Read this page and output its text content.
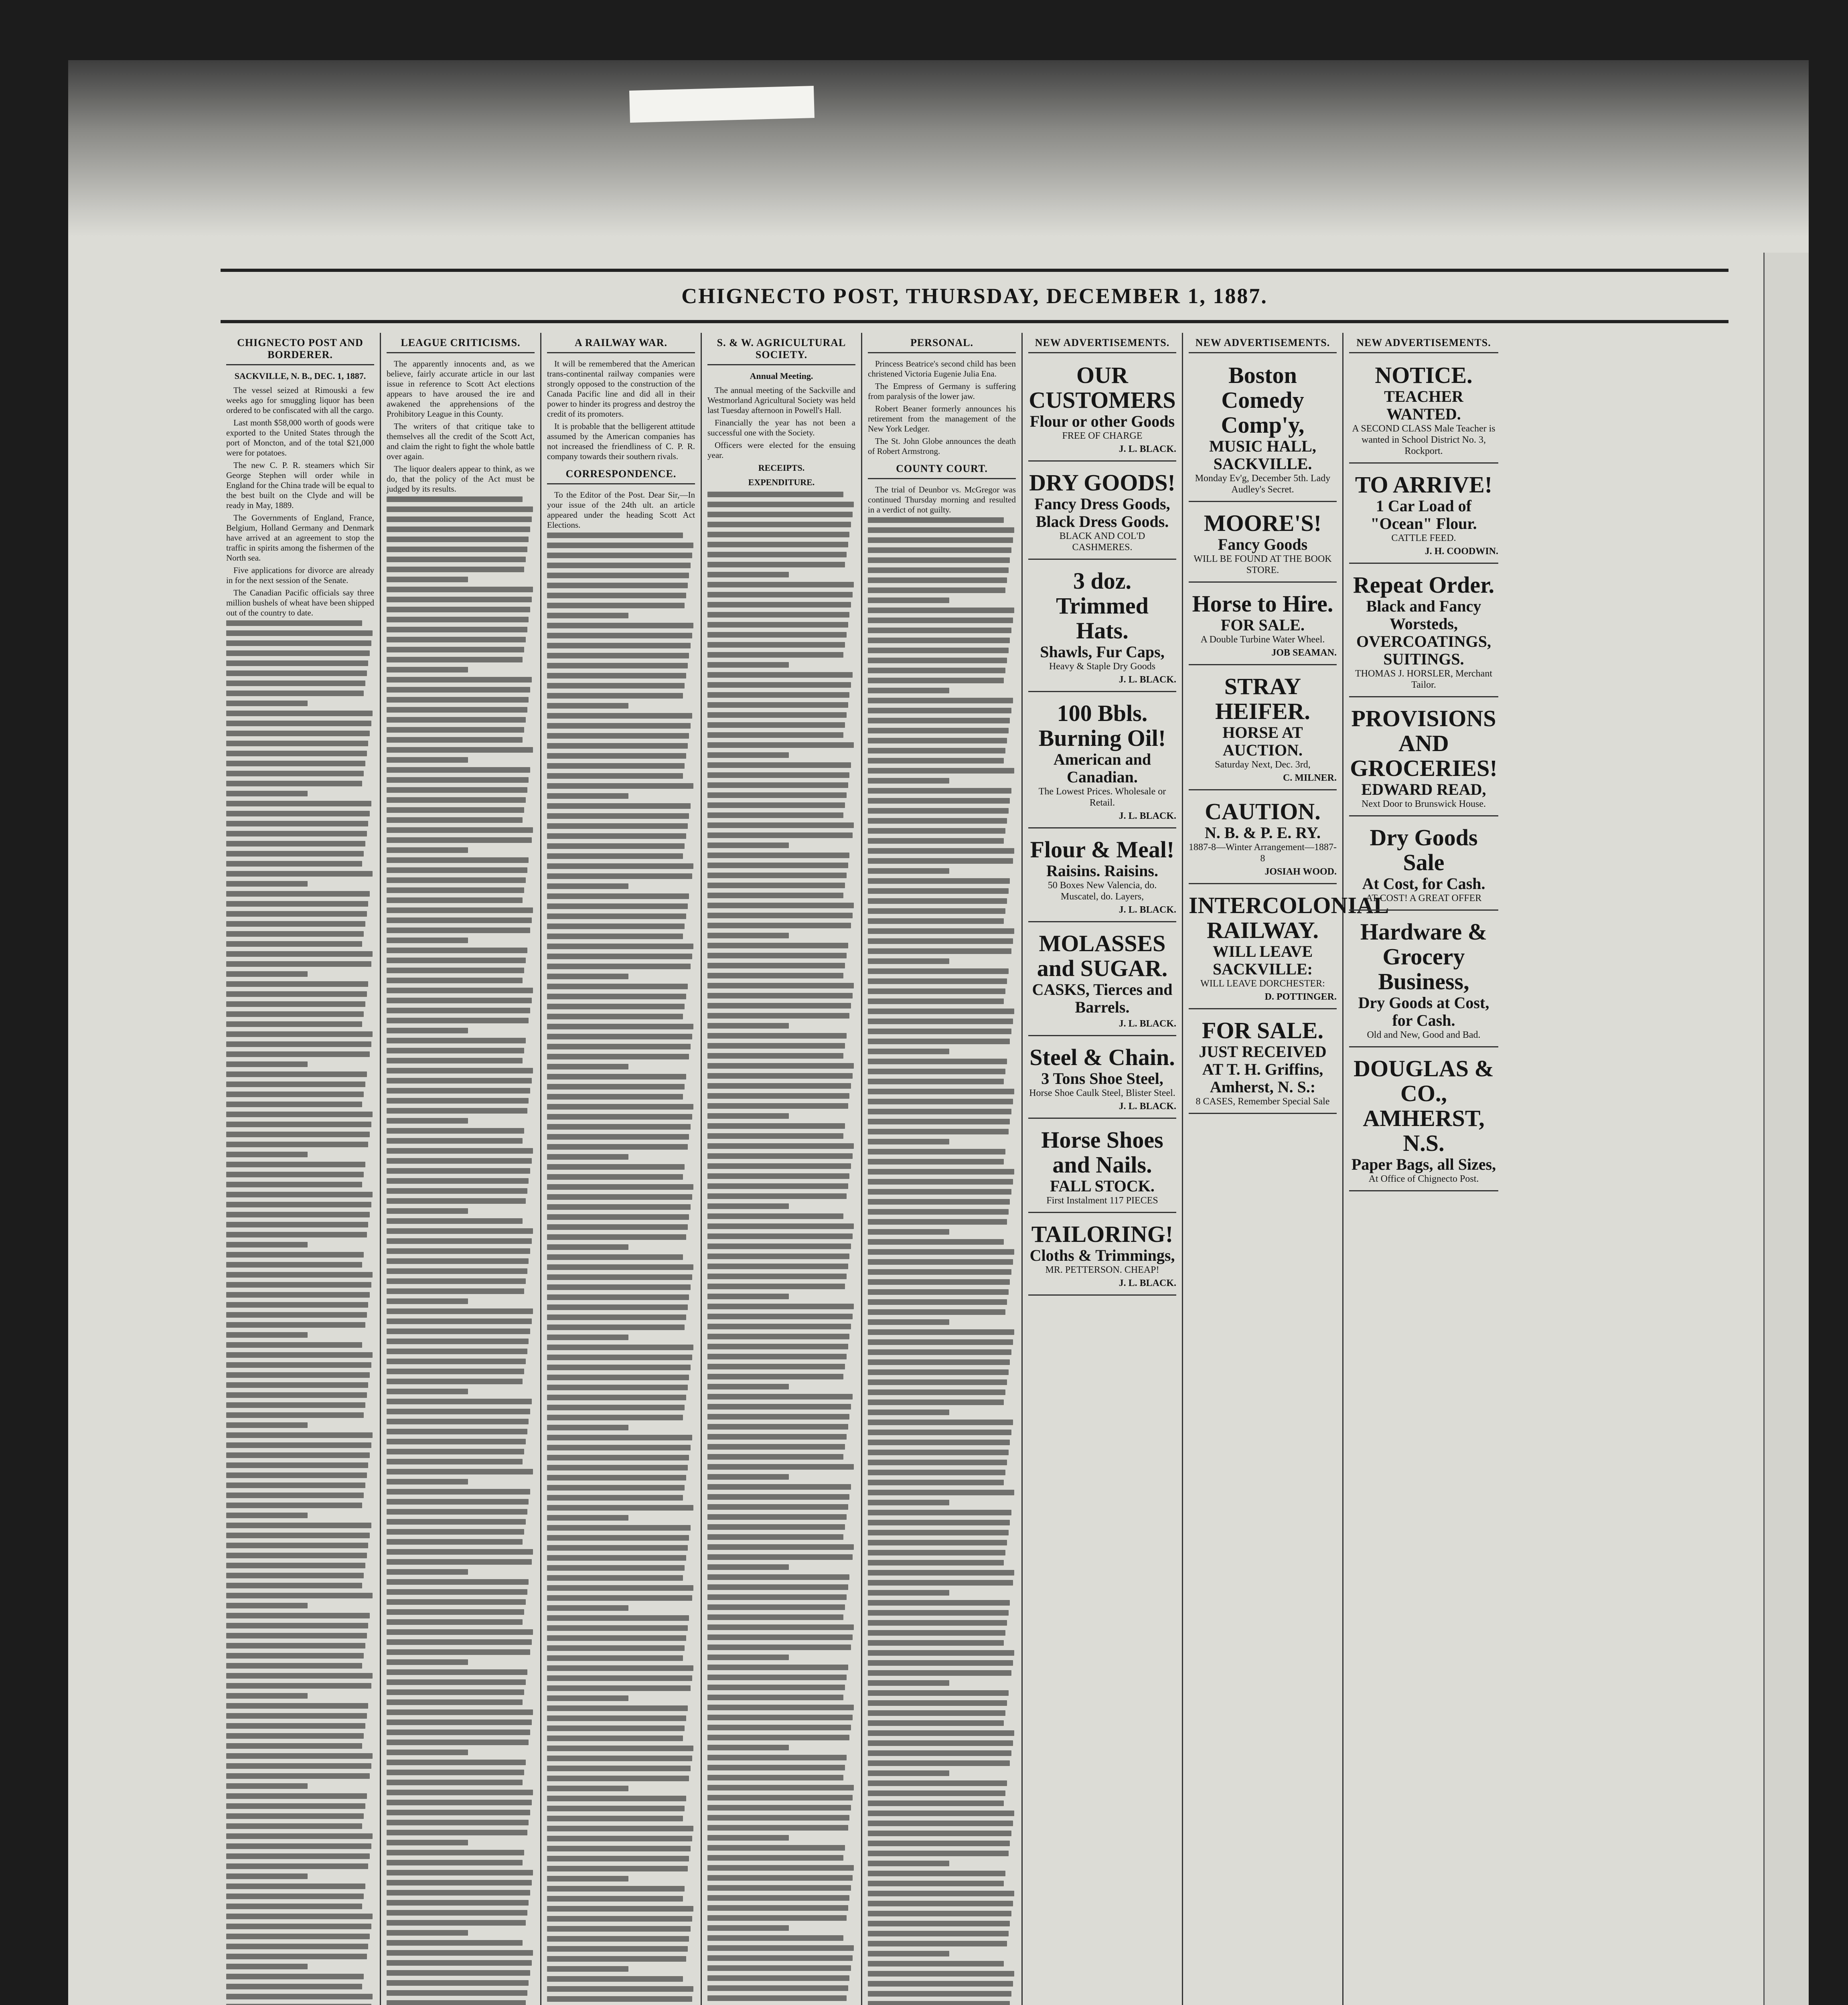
CHIGNECTO POST, THURSDAY, DECEMBER 1, 1887.
CHIGNECTO POST AND BORDERER.
SACKVILLE, N. B., DEC. 1, 1887.

The vessel seized at Rimouski a few weeks ago for smuggling liquor has been ordered to be confiscated with all the cargo.

Last month $58,000 worth of goods were exported to the United States through the port of Moncton, and of the total $21,000 were for potatoes.

The new C. P. R. steamers which Sir George Stephen will order while in England for the China trade will be equal to the best built on the Clyde and will be ready in May, 1889.

The Governments of England, France, Belgium, Holland Germany and Denmark have arrived at an agreement to stop the traffic in spirits among the fishermen of the North sea.

Five applications for divorce are already in for the next session of the Senate.

The Canadian Pacific officials say three million bushels of wheat have been shipped out of the country to date.

LEAGUE CRITICISMS.

The apparently innocents and, as we believe, fairly accurate article in our last issue in reference to Scott Act elections appears to have aroused the ire and awakened the apprehensions of the Prohibitory League in this County.

The writers of that critique take to themselves all the credit of the Scott Act, and claim the right to fight the whole battle over again.

The liquor dealers appear to think, as we do, that the policy of the Act must be judged by its results.

A RAILWAY WAR.

It will be remembered that the American trans-continental railway companies were strongly opposed to the construction of the Canada Pacific line and did all in their power to hinder its progress and destroy the credit of its promoters.

It is probable that the belligerent attitude assumed by the American companies has not increased the friendliness of C. P. R. company towards their southern rivals.

CORRESPONDENCE.

To the Editor of the Post. Dear Sir,—In your issue of the 24th ult. an article appeared under the heading Scott Act Elections.

S. & W. AGRICULTURAL SOCIETY.
Annual Meeting.

The annual meeting of the Sackville and Westmorland Agricultural Society was held last Tuesday afternoon in Powell's Hall.

Financially the year has not been a successful one with the Society.

Officers were elected for the ensuing year.

RECEIPTS.
EXPENDITURE.
PERSONAL.

Princess Beatrice's second child has been christened Victoria Eugenie Julia Ena.

The Empress of Germany is suffering from paralysis of the lower jaw.

Robert Beaner formerly announces his retirement from the management of the New York Ledger.

The St. John Globe announces the death of Robert Armstrong.

COUNTY COURT.

The trial of Deunbor vs. McGregor was continued Thursday morning and resulted in a verdict of not guilty.

NEW ADVERTISEMENTS.
OUR CUSTOMERS
Flour or other Goods
FREE OF CHARGE
J. L. BLACK.
DRY GOODS!
Fancy Dress Goods, Black Dress Goods.
BLACK AND COL'D CASHMERES.
3 doz. Trimmed Hats.
Shawls, Fur Caps,
Heavy & Staple Dry Goods
J. L. BLACK.
100 Bbls. Burning Oil!
American and Canadian.
The Lowest Prices. Wholesale or Retail.
J. L. BLACK.
Flour & Meal!
Raisins. Raisins.
50 Boxes New Valencia, do. Muscatel, do. Layers,
J. L. BLACK.
MOLASSES and SUGAR.
CASKS, Tierces and Barrels.
J. L. BLACK.
Steel & Chain.
3 Tons Shoe Steel,
Horse Shoe Caulk Steel, Blister Steel.
J. L. BLACK.
Horse Shoes and Nails.
FALL STOCK.
First Instalment 117 PIECES
TAILORING!
Cloths & Trimmings,
MR. PETTERSON. CHEAP!
J. L. BLACK.
NEW ADVERTISEMENTS.
Boston Comedy Comp'y,
MUSIC HALL, SACKVILLE.
Monday Ev'g, December 5th. Lady Audley's Secret.
MOORE'S!
Fancy Goods
WILL BE FOUND AT THE BOOK STORE.
Horse to Hire.
FOR SALE.
A Double Turbine Water Wheel.
JOB SEAMAN.
STRAY HEIFER.
HORSE AT AUCTION.
Saturday Next, Dec. 3rd,
C. MILNER.
CAUTION.
N. B. & P. E. RY.
1887-8—Winter Arrangement—1887-8
JOSIAH WOOD.
INTERCOLONIAL RAILWAY.
WILL LEAVE SACKVILLE:
WILL LEAVE DORCHESTER:
D. POTTINGER.
FOR SALE.
JUST RECEIVED AT T. H. Griffins, Amherst, N. S.:
8 CASES, Remember Special Sale
NEW ADVERTISEMENTS.
NOTICE.
TEACHER WANTED.
A SECOND CLASS Male Teacher is wanted in School District No. 3, Rockport.
TO ARRIVE!
1 Car Load of "Ocean" Flour.
CATTLE FEED.
J. H. COODWIN.
Repeat Order.
Black and Fancy Worsteds, OVERCOATINGS, SUITINGS.
THOMAS J. HORSLER, Merchant Tailor.
PROVISIONS AND GROCERIES!
EDWARD READ,
Next Door to Brunswick House.
Dry Goods Sale
At Cost, for Cash.
AT COST! A GREAT OFFER
Hardware & Grocery Business,
Dry Goods at Cost, for Cash.
Old and New, Good and Bad.
DOUGLAS & CO., AMHERST, N.S.
Paper Bags, all Sizes,
At Office of Chignecto Post.
